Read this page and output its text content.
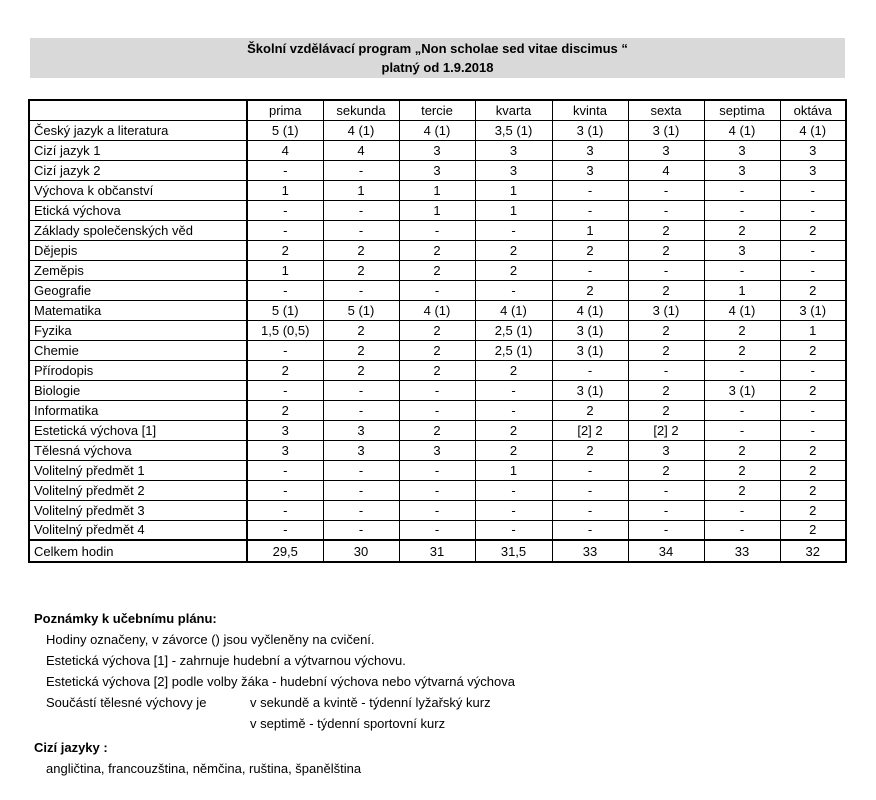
Školní vzdělávací program „Non scholae sed vitae discimus “
platný od 1.9.2018
	prima	sekunda	tercie	kvarta	kvinta	sexta	septima	oktáva
Český jazyk a literatura	5 (1)	4 (1)	4 (1)	3,5 (1)	3 (1)	3 (1)	4 (1)	4 (1)
Cizí jazyk 1	4	4	3	3	3	3	3	3
Cizí jazyk 2	-	-	3	3	3	4	3	3
Výchova k občanství	1	1	1	1	-	-	-	-
Etická výchova	-	-	1	1	-	-	-	-
Základy společenských věd	-	-	-	-	1	2	2	2
Dějepis	2	2	2	2	2	2	3	-
Zeměpis	1	2	2	2	-	-	-	-
Geografie	-	-	-	-	2	2	1	2
Matematika	5 (1)	5 (1)	4 (1)	4 (1)	4 (1)	3 (1)	4 (1)	3 (1)
Fyzika	1,5 (0,5)	2	2	2,5 (1)	3 (1)	2	2	1
Chemie	-	2	2	2,5 (1)	3 (1)	2	2	2
Přírodopis	2	2	2	2	-	-	-	-
Biologie	-	-	-	-	3 (1)	2	3 (1)	2
Informatika	2	-	-	-	2	2	-	-
Estetická výchova [1]	3	3	2	2	[2] 2	[2] 2	-	-
Tělesná výchova	3	3	3	2	2	3	2	2
Volitelný předmět 1	-	-	-	1	-	2	2	2
Volitelný předmět 2	-	-	-	-	-	-	2	2
Volitelný předmět 3	-	-	-	-	-	-	-	2
Volitelný předmět 4	-	-	-	-	-	-	-	2
Celkem hodin	29,5	30	31	31,5	33	34	33	32
Poznámky k učebnímu plánu:
Hodiny označeny, v závorce () jsou vyčleněny na cvičení.
Estetická výchova [1] - zahrnuje hudební a výtvarnou výchovu.
Estetická výchova [2] podle volby žáka - hudební výchova nebo výtvarná výchova
Součástí tělesné výchovy je	v sekundě a kvintě - týdenní lyžařský kurz
v septimě - týdenní sportovní kurz
Cizí jazyky :
angličtina, francouzština, němčina, ruština, španělština
